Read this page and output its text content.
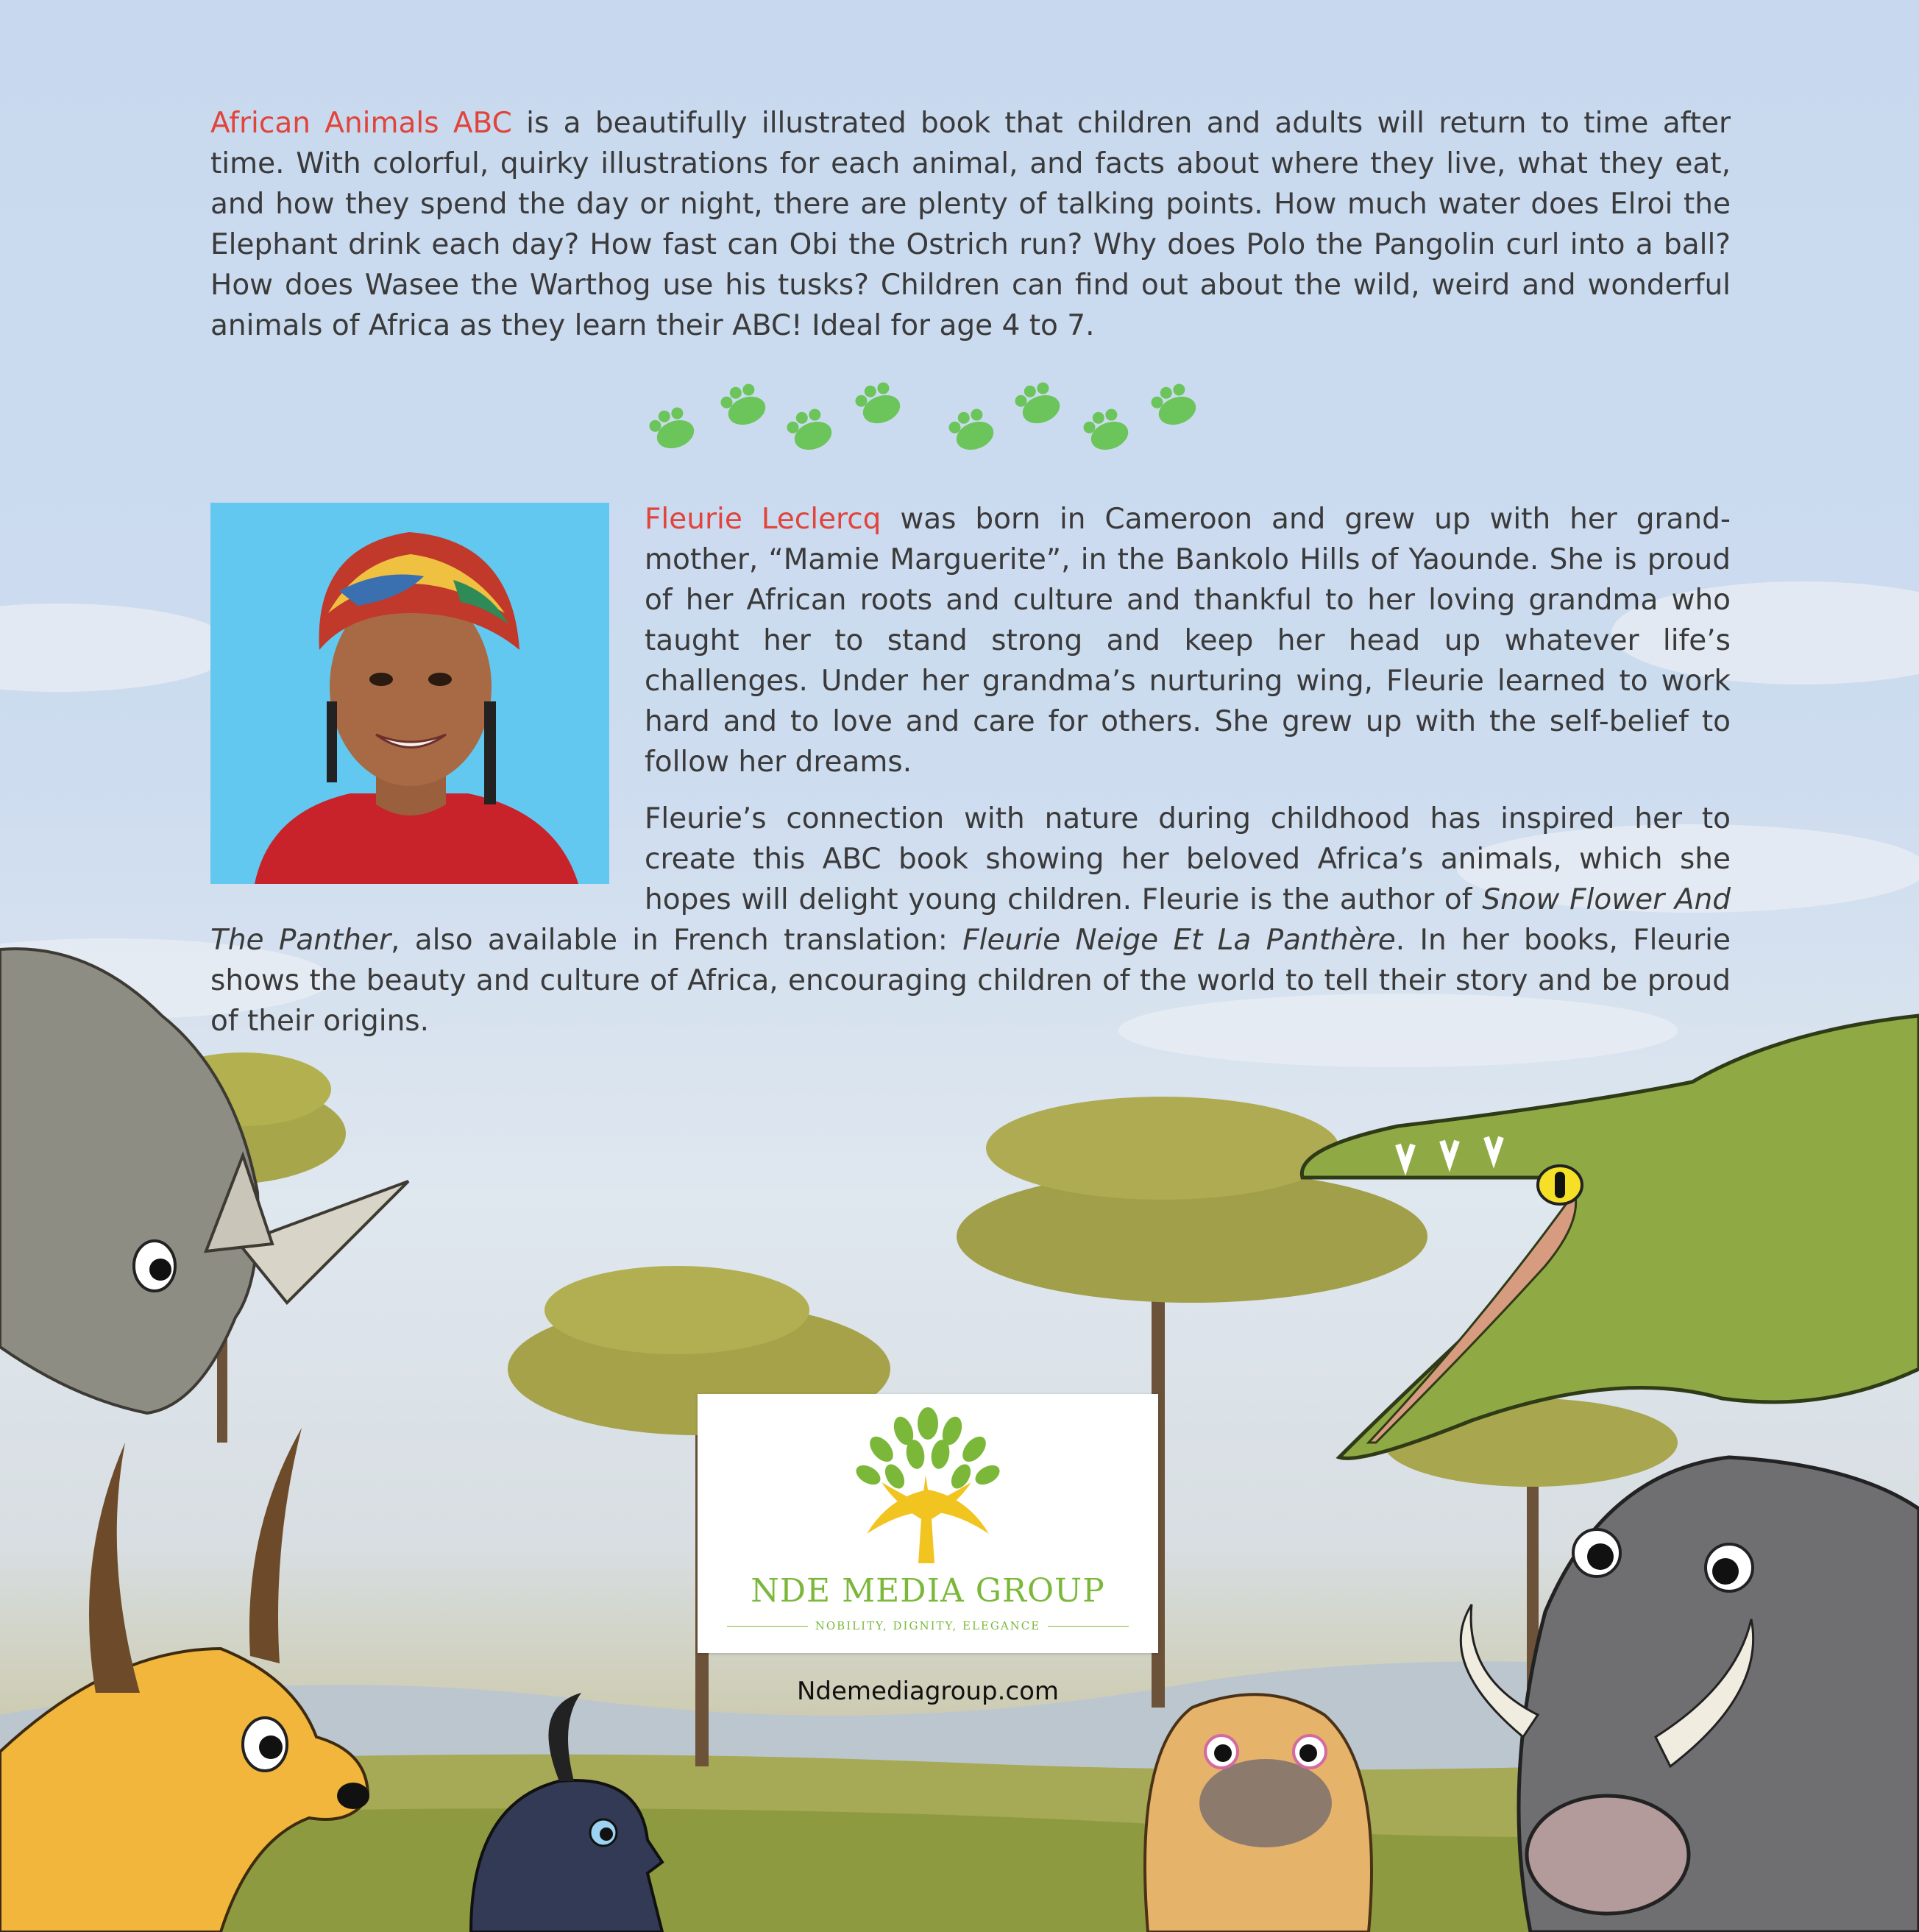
African Animals ABC is a beautifully illustrated book that children and adults will return to time after time. With colorful, quirky illustrations for each animal, and facts about where they live, what they eat, and how they spend the day or night, there are plenty of talking points. How much water does Elroi the Elephant drink each day? How fast can Obi the Ostrich run? Why does Polo the Pangolin curl into a ball? How does Wasee the Warthog use his tusks? Children can find out about the wild, weird and wonderful animals of Africa as they learn their ABC! Ideal for age 4 to 7.

Fleurie Leclercq was born in Cameroon and grew up with her grand-mother, “Mamie Marguerite”, in the Bankolo Hills of Yaounde. She is proud of her African roots and culture and thankful to her loving grandma who taught her to stand strong and keep her head up whatever life’s challenges. Under her grandma’s nurturing wing, Fleurie learned to work hard and to love and care for others. She grew up with the self-belief to follow her dreams.

Fleurie’s connection with nature during childhood has inspired her to create this ABC book showing her beloved Africa’s animals, which she hopes will delight young children. Fleurie is the author of Snow Flower And The Panther, also available in French translation: Fleurie Neige Et La Panthère. In her books, Fleurie shows the beauty and culture of Africa, encouraging children of the world to tell their story and be proud of their origins.

NDE MEDIA GROUP
NOBILITY, DIGNITY, ELEGANCE
Ndemediagroup.com
